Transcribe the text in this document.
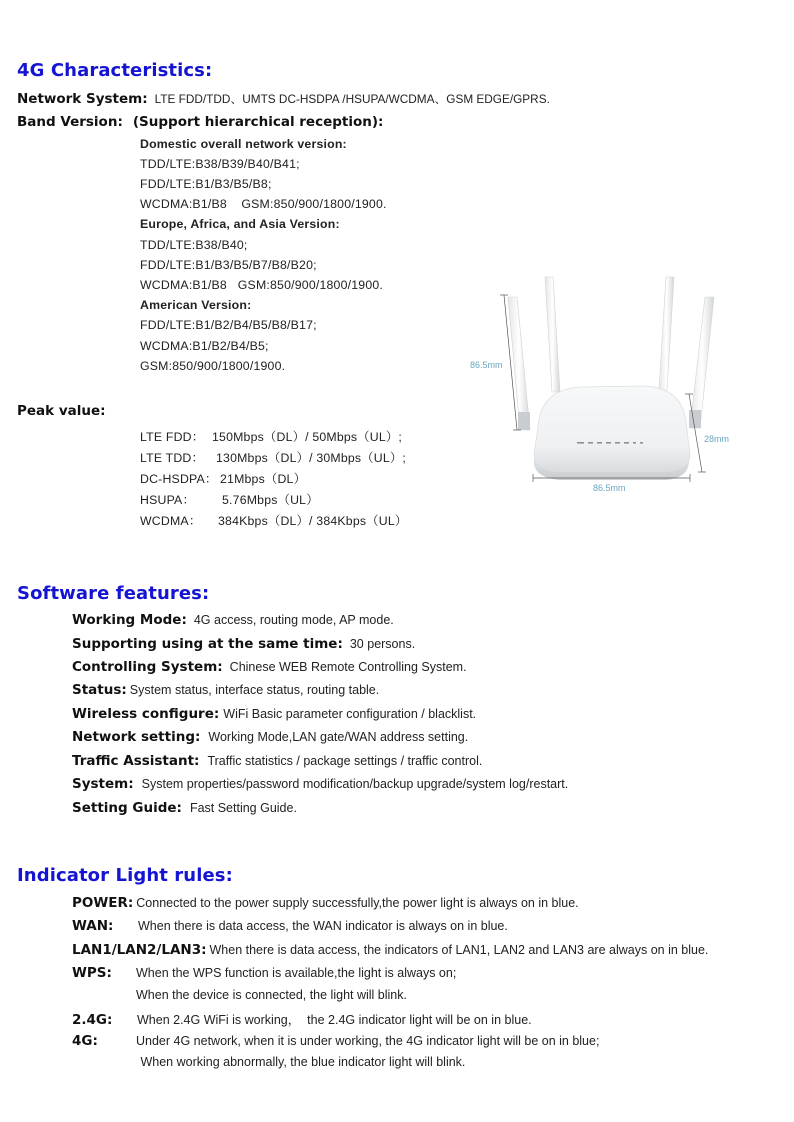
4G Characteristics:
Network System: LTE FDD/TDD、UMTS DC-HSDPA /HSUPA/WCDMA、GSM EDGE/GPRS.
Band Version: (Support hierarchical reception):
Domestic overall network version:
TDD/LTE:B38/B39/B40/B41;
FDD/LTE:B1/B3/B5/B8;
WCDMA:B1/B8    GSM:850/900/1800/1900.
Europe, Africa, and Asia Version:
TDD/LTE:B38/B40;
FDD/LTE:B1/B3/B5/B7/B8/B20;
WCDMA:B1/B8   GSM:850/900/1800/1900.
American Version:
FDD/LTE:B1/B2/B4/B5/B8/B17;
WCDMA:B1/B2/B4/B5;
GSM:850/900/1800/1900.
Peak value:
LTE FDD： 150Mbps（DL）/ 50Mbps（UL）;
LTE TDD： 130Mbps（DL）/ 30Mbps（UL）;
DC-HSDPA： 21Mbps（DL）
HSUPA：	5.76Mbps（UL）
WCDMA：	384Kbps（DL）/ 384Kbps（UL）
86.5mm
28mm
86.5mm
Software features:
Working Mode: 4G access, routing mode, AP mode.
Supporting using at the same time: 30 persons.
Controlling System: Chinese WEB Remote Controlling System.
Status: System status, interface status, routing table.
Wireless configure: WiFi Basic parameter configuration / blacklist.
Network setting: Working Mode,LAN gate/WAN address setting.
Traffic Assistant: Traffic statistics / package settings / traffic control.
System: System properties/password modification/backup upgrade/system log/restart.
Setting Guide: Fast Setting Guide.
Indicator Light rules:
POWER: Connected to the power supply successfully,the power light is always on in blue.
WAN:	When there is data access, the WAN indicator is always on in blue.
LAN1/LAN2/LAN3: When there is data access, the indicators of LAN1, LAN2 and LAN3 are always on in blue.
WPS:	When the WPS function is available,the light is always on;
When the device is connected, the light will blink.
2.4G:	When 2.4G WiFi is working，  the 2.4G indicator light will be on in blue.
4G:	Under 4G network, when it is under working, the 4G indicator light will be on in blue;
When working abnormally, the blue indicator light will blink.
